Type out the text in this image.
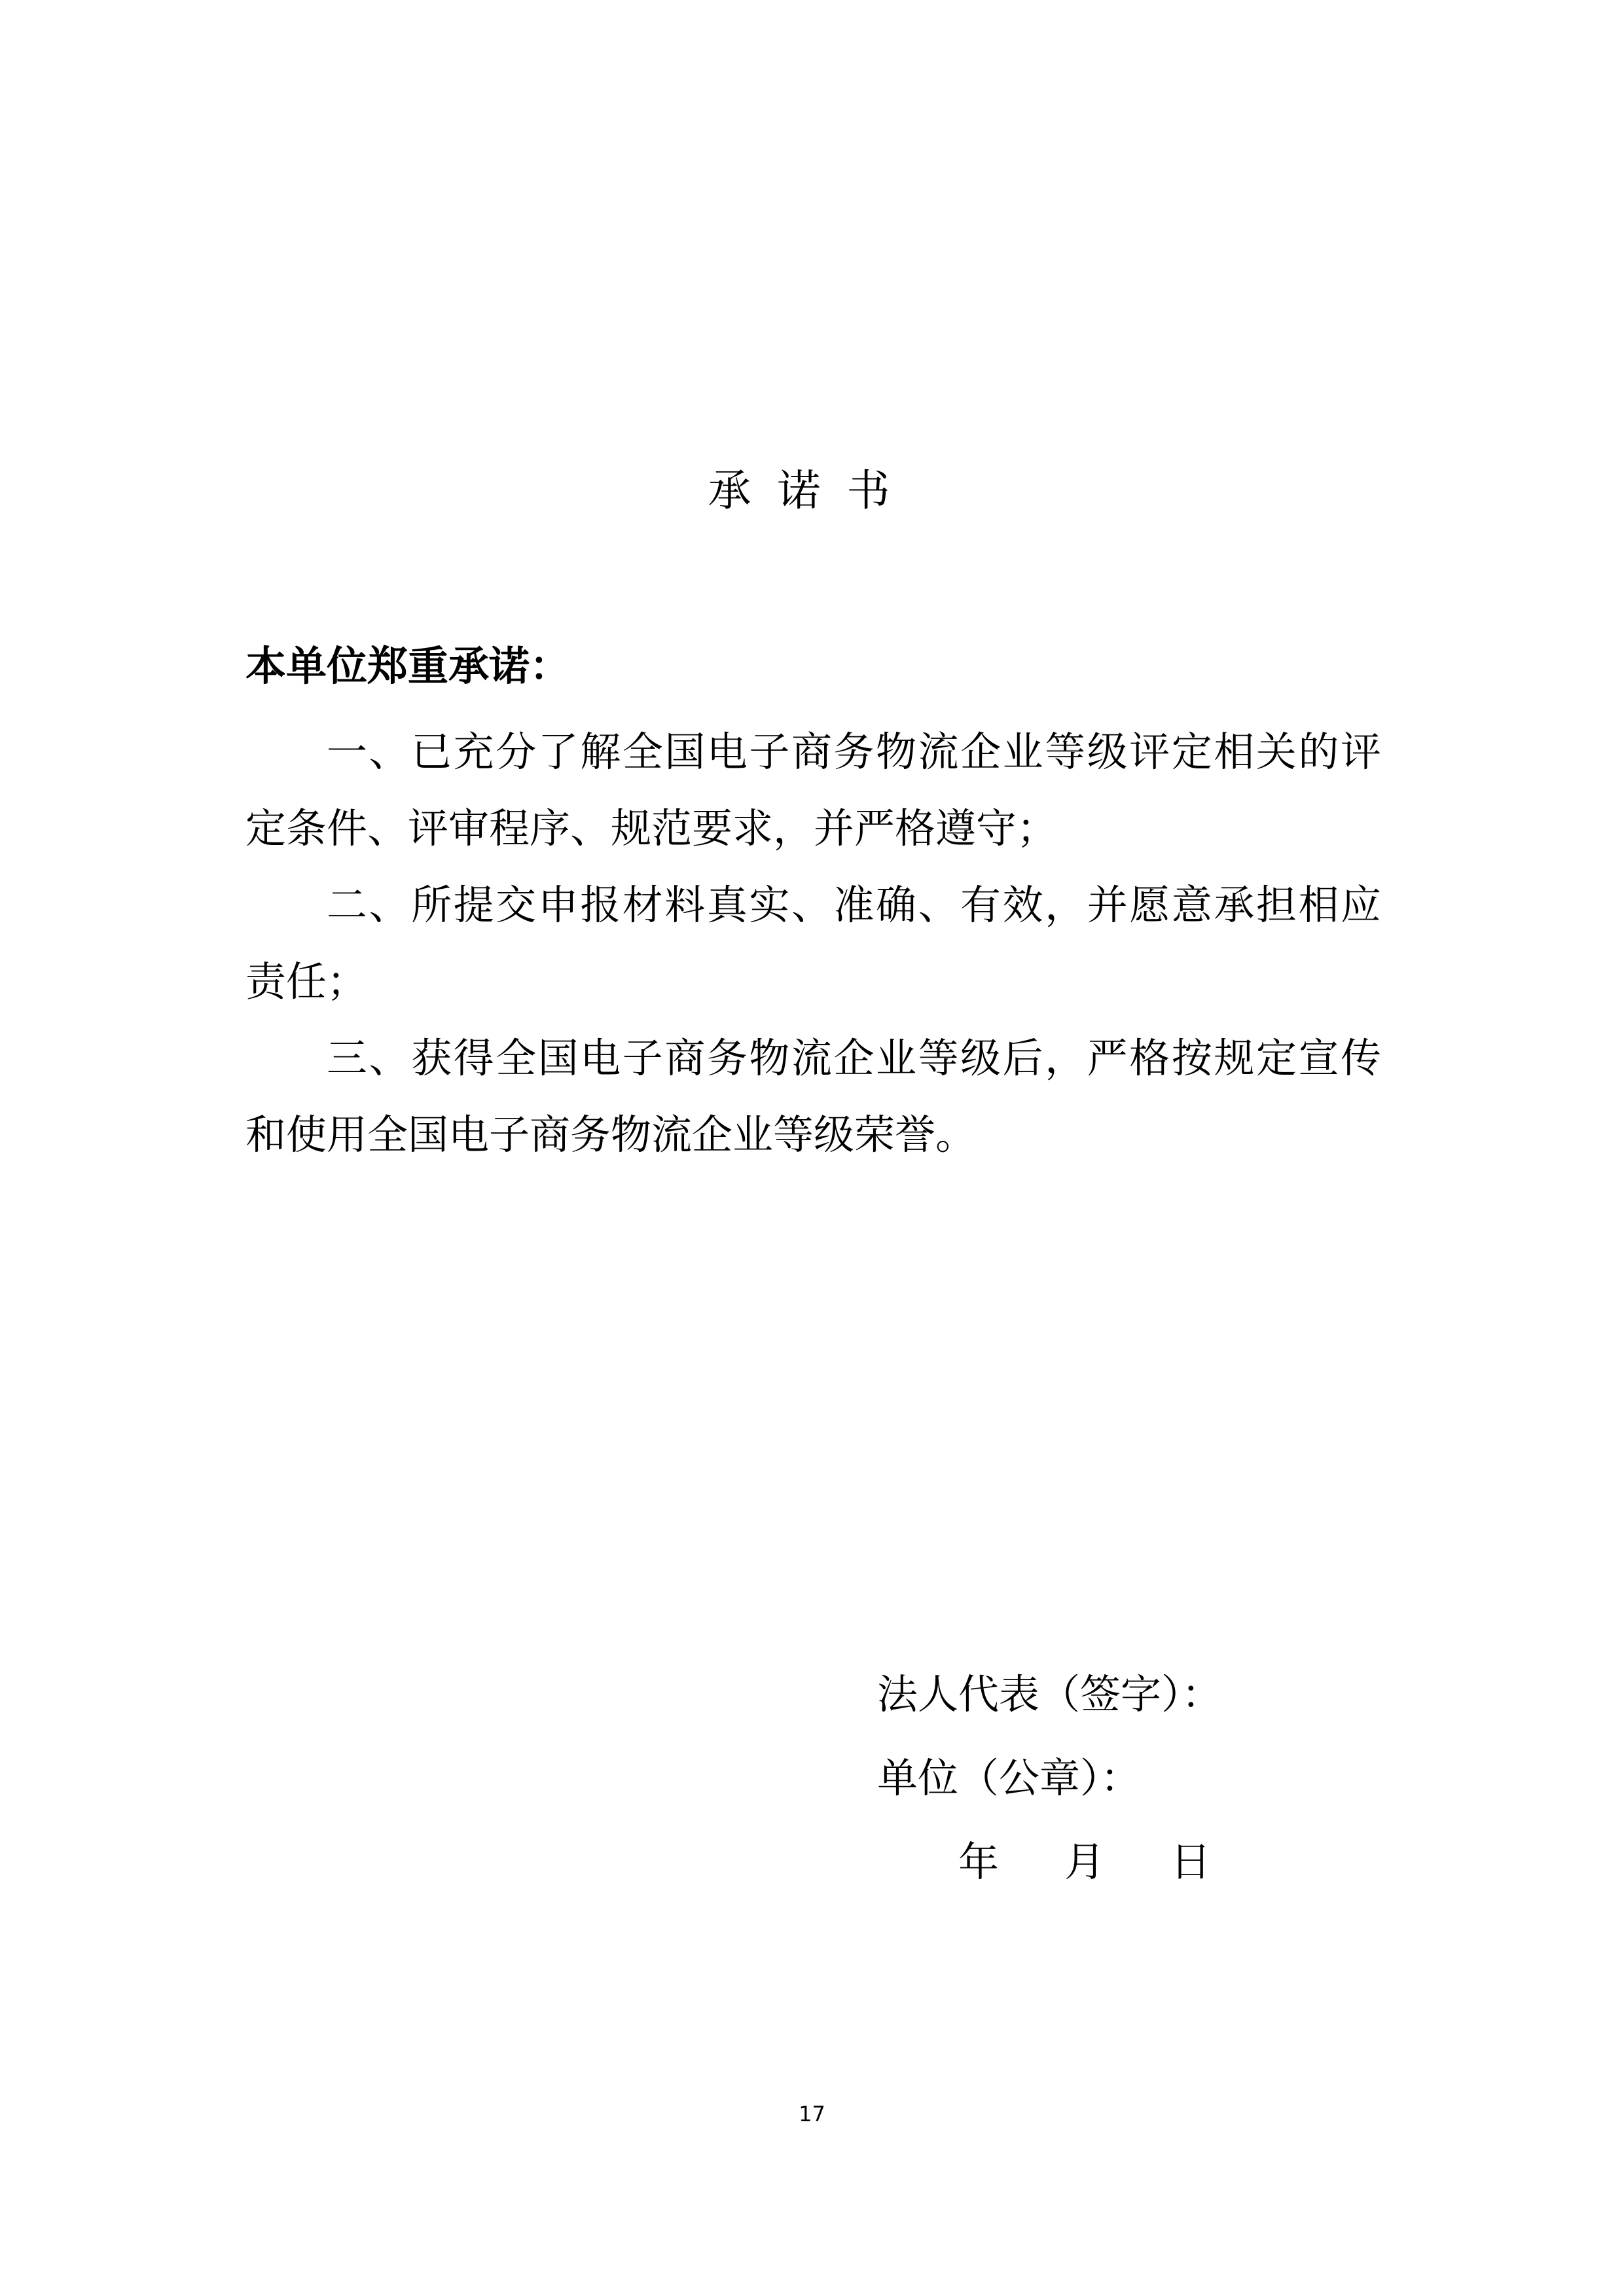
承诺书
本单位郑重承诺：

一、已充分了解全国电子商务物流企业等级评定相关的评定条件、评审程序、规范要求，并严格遵守；

二、所提交申报材料真实、准确、有效，并愿意承担相应责任；

三、获得全国电子商务物流企业等级后，严格按规定宣传和使用全国电子商务物流企业等级荣誉。

法人代表（签字）：
单位（公章）：
年 月 日
17
